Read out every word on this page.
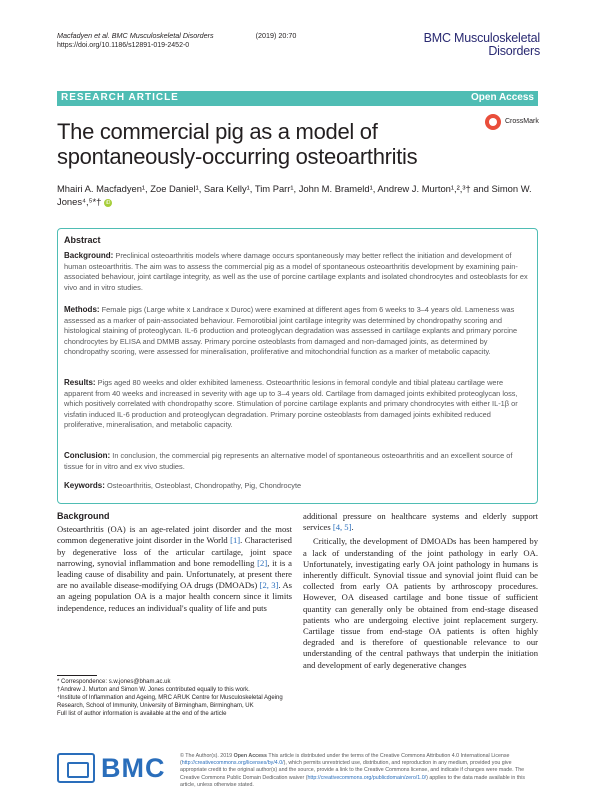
Macfadyen et al. BMC Musculoskeletal Disorders	(2019) 20:70
https://doi.org/10.1186/s12891-019-2452-0
BMC Musculoskeletal
Disorders
RESEARCH ARTICLE	Open Access
The commercial pig as a model of spontaneously-occurring osteoarthritis
CrossMark
Mhairi A. Macfadyen¹, Zoe Daniel¹, Sara Kelly¹, Tim Parr¹, John M. Brameld¹, Andrew J. Murton¹,²,³† and Simon W. Jones⁴,⁵*† iD
Abstract
Background: Preclinical osteoarthritis models where damage occurs spontaneously may better reflect the initiation and development of human osteoarthritis. The aim was to assess the commercial pig as a model of spontaneous osteoarthritis development by examining pain-associated behaviour, joint cartilage integrity, as well as the use of porcine cartilage explants and isolated chondrocytes and osteoblasts for ex vivo and in vitro studies.
Methods: Female pigs (Large white x Landrace x Duroc) were examined at different ages from 6 weeks to 3–4 years old. Lameness was assessed as a marker of pain-associated behaviour. Femorotibial joint cartilage integrity was determined by chondropathy scoring and histological staining of proteoglycan. IL-6 production and proteoglycan degradation was assessed in cartilage explants and primary porcine chondrocytes by ELISA and DMMB assay. Primary porcine osteoblasts from damaged and non-damaged joints, as determined by chondropathy scoring, were assessed for mineralisation, proliferative and mitochondrial function as a marker of metabolic capacity.
Results: Pigs aged 80 weeks and older exhibited lameness. Osteoarthritic lesions in femoral condyle and tibial plateau cartilage were apparent from 40 weeks and increased in severity with age up to 3–4 years old. Cartilage from damaged joints exhibited proteoglycan loss, which positively correlated with chondropathy score. Stimulation of porcine cartilage explants and primary chondrocytes with either IL-1β or visfatin induced IL-6 production and proteoglycan degradation. Primary porcine osteoblasts from damaged joints exhibited reduced proliferative, mineralisation, and metabolic capacity.
Conclusion: In conclusion, the commercial pig represents an alternative model of spontaneous osteoarthritis and an excellent source of tissue for in vitro and ex vivo studies.
Keywords: Osteoarthritis, Osteoblast, Chondropathy, Pig, Chondrocyte
Background

Osteoarthritis (OA) is an age-related joint disorder and the most common degenerative joint disorder in the World [1]. Characterised by degenerative loss of the articular cartilage, joint space narrowing, synovial inflammation and bone remodelling [2], it is a leading cause of disability and pain. Unfortunately, at present there are no available disease-modifying OA drugs (DMOADs) [2, 3]. As an ageing population OA is a major health concern since it limits independence, reduces an individual's quality of life and puts

additional pressure on healthcare systems and elderly support services [4, 5].

Critically, the development of DMOADs has been hampered by a lack of understanding of the joint pathology in early OA. Unfortunately, investigating early OA joint pathology in humans is inherently difficult. Synovial tissue and synovial joint fluid can be collected from early OA patients by arthroscopy procedures. However, OA diseased cartilage and bone tissue of sufficient quantity can generally only be obtained from end-stage diseased patients who are undergoing elective joint replacement surgery. Cartilage tissue from end-stage OA patients is often highly degraded and is therefore of questionable relevance to our understanding of the central pathways that underpin the initiation and development of early degenerative changes

* Correspondence: s.w.jones@bham.ac.uk
†Andrew J. Murton and Simon W. Jones contributed equally to this work.
⁴Institute of Inflammation and Ageing, MRC ARUK Centre for Musculoskeletal Ageing Research, School of Immunity, University of Birmingham, Birmingham, UK
Full list of author information is available at the end of the article
BMC	© The Author(s). 2019 Open Access This article is distributed under the terms of the Creative Commons Attribution 4.0 International License (http://creativecommons.org/licenses/by/4.0/), which permits unrestricted use, distribution, and reproduction in any medium, provided you give appropriate credit to the original author(s) and the source, provide a link to the Creative Commons license, and indicate if changes were made. The Creative Commons Public Domain Dedication waiver (http://creativecommons.org/publicdomain/zero/1.0/) applies to the data made available in this article, unless otherwise stated.
